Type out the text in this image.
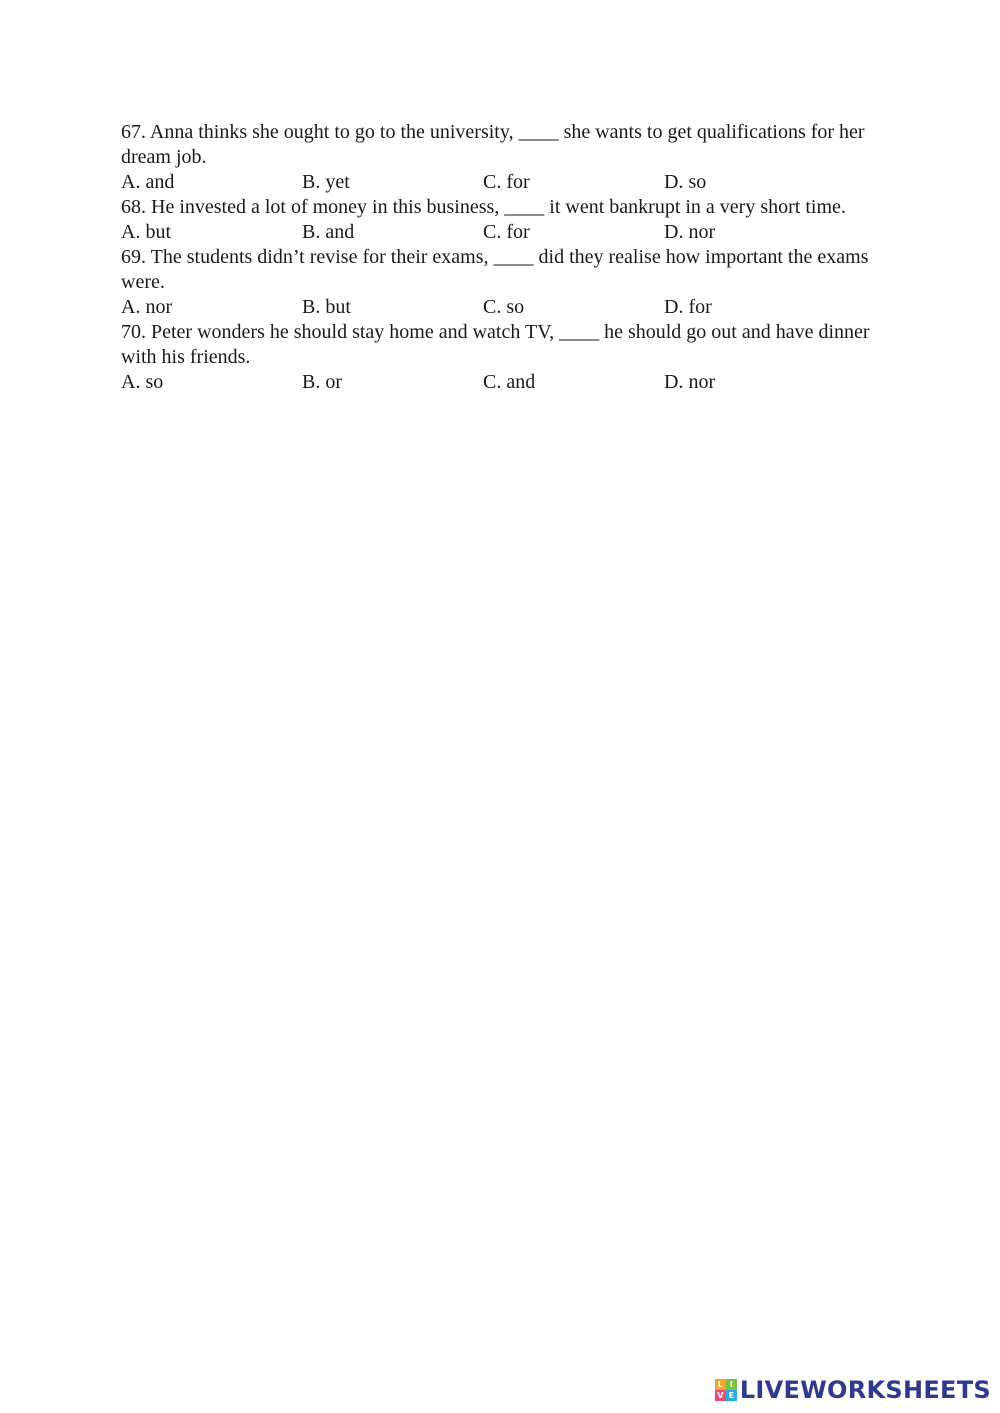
67. Anna thinks she ought to go to the university, ____ she wants to get qualifications for her dream job.

A. and	B. yet	C. for	D. so

68. He invested a lot of money in this business, ____ it went bankrupt in a very short time.

A. but	B. and	C. for	D. nor

69. The students didn’t revise for their exams, ____ did they realise how important the exams were.

A. nor	B. but	C. so	D. for

70. Peter wonders he should stay home and watch TV, ____ he should go out and have dinner with his friends.

A. so	B. or	C. and	D. nor
L I
V E LIVEWORKSHEETS
